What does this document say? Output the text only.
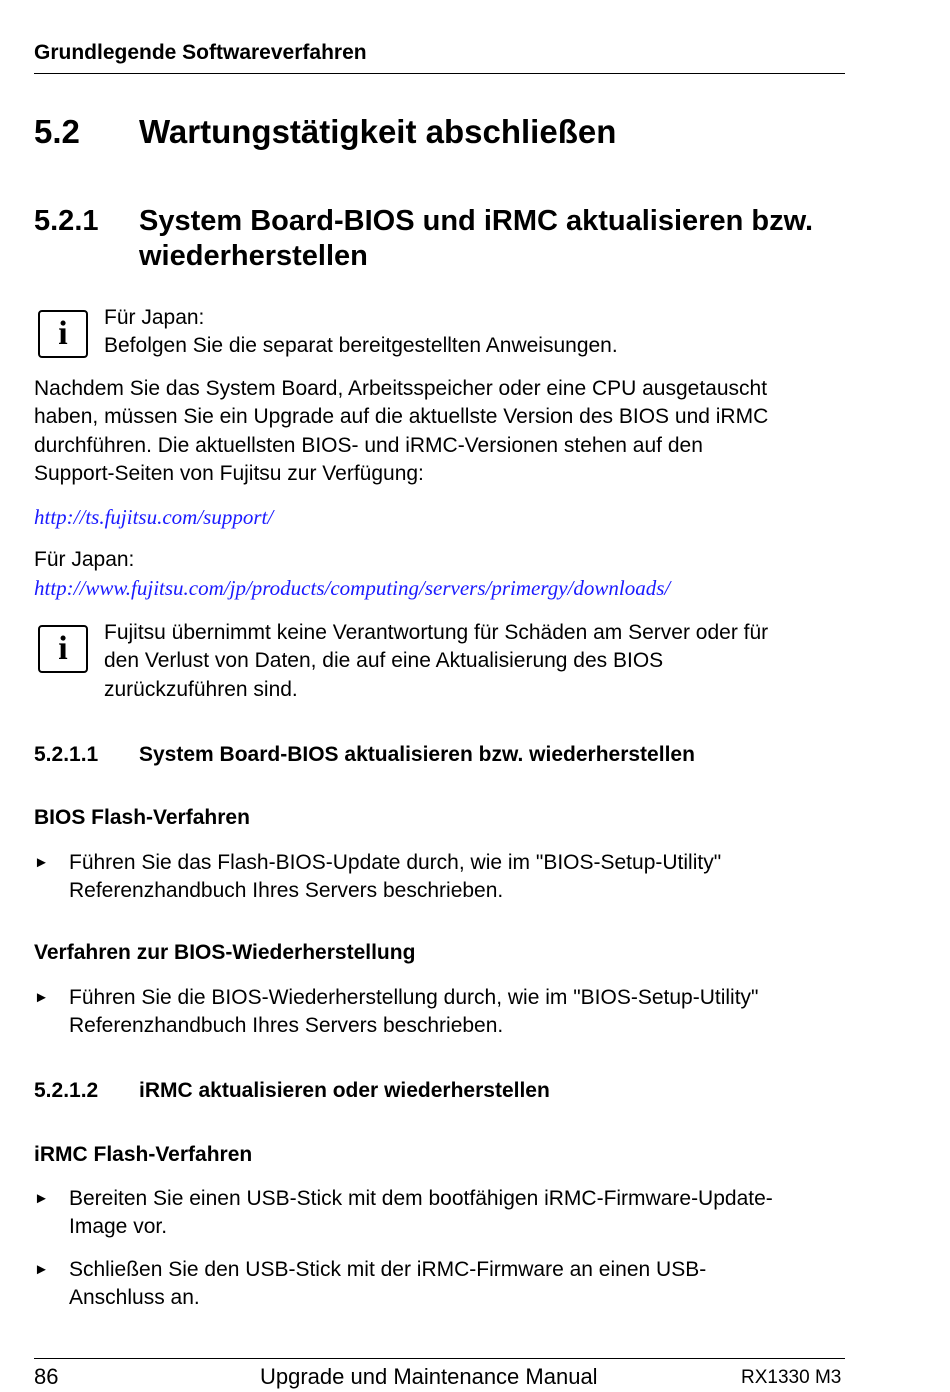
Grundlegende Softwareverfahren
5.2 Wartungstätigkeit abschließen
5.2.1 System Board-BIOS und iRMC aktualisieren bzw.
wiederherstellen
i	Für Japan:
Befolgen Sie die separat bereitgestellten Anweisungen.
Nachdem Sie das System Board, Arbeitsspeicher oder eine CPU ausgetauscht
haben, müssen Sie ein Upgrade auf die aktuellste Version des BIOS und iRMC
durchführen. Die aktuellsten BIOS- und iRMC-Versionen stehen auf den
Support-Seiten von Fujitsu zur Verfügung:
http://ts.fujitsu.com/support/
Für Japan:
http://www.fujitsu.com/jp/products/computing/servers/primergy/downloads/
i	Fujitsu übernimmt keine Verantwortung für Schäden am Server oder für
den Verlust von Daten, die auf eine Aktualisierung des BIOS
zurückzuführen sind.
5.2.1.1 System Board-BIOS aktualisieren bzw. wiederherstellen
BIOS Flash-Verfahren
► Führen Sie das Flash-BIOS-Update durch, wie im "BIOS-Setup-Utility"
Referenzhandbuch Ihres Servers beschrieben.
Verfahren zur BIOS-Wiederherstellung
► Führen Sie die BIOS-Wiederherstellung durch, wie im "BIOS-Setup-Utility"
Referenzhandbuch Ihres Servers beschrieben.
5.2.1.2 iRMC aktualisieren oder wiederherstellen
iRMC Flash-Verfahren
► Bereiten Sie einen USB-Stick mit dem bootfähigen iRMC-Firmware-Update-
Image vor.
► Schließen Sie den USB-Stick mit der iRMC-Firmware an einen USB-
Anschluss an.
86	Upgrade und Maintenance Manual	RX1330 M3
